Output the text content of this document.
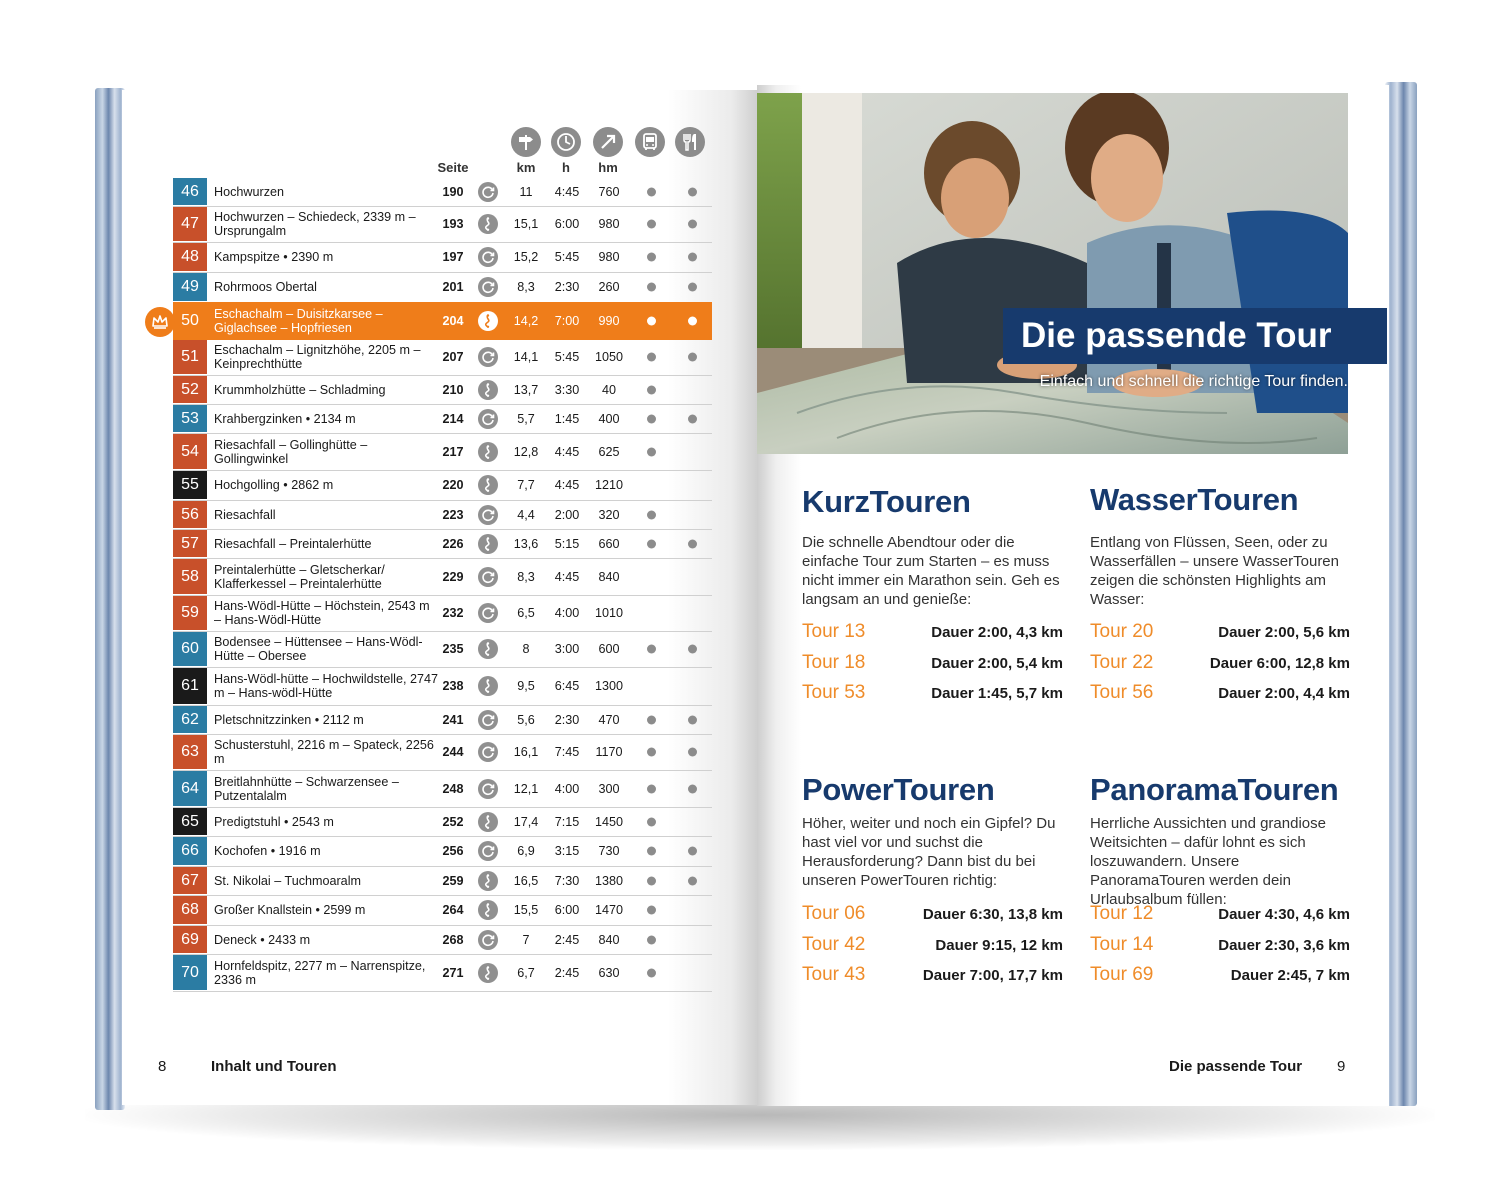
Seite	km	h	hm
46	Hochwurzen	190	11	4:45	760
47	Hochwurzen – Schiedeck, 2339 m – Ursprungalm	193	15,1	6:00	980
48	Kampspitze • 2390 m	197	15,2	5:45	980
49	Rohrmoos Obertal	201	8,3	2:30	260
50	Eschachalm – Duisitzkarsee – Giglachsee – Hopfriesen	204	14,2	7:00	990
51	Eschachalm – Lignitzhöhe, 2205 m – Keinprechthütte	207	14,1	5:45	1050
52	Krummholzhütte – Schladming	210	13,7	3:30	40
53	Krahbergzinken • 2134 m	214	5,7	1:45	400
54	Riesachfall – Gollinghütte – Gollingwinkel	217	12,8	4:45	625
55	Hochgolling • 2862 m	220	7,7	4:45	1210
56	Riesachfall	223	4,4	2:00	320
57	Riesachfall – Preintalerhütte	226	13,6	5:15	660
58	Preintalerhütte – Gletscherkar/ Klafferkessel – Preintalerhütte	229	8,3	4:45	840
59	Hans-Wödl-Hütte – Höchstein, 2543 m – Hans-Wödl-Hütte	232	6,5	4:00	1010
60	Bodensee – Hüttensee – Hans-Wödl-Hütte – Obersee	235	8	3:00	600
61	Hans-Wödl-hütte – Hochwildstelle, 2747 m – Hans-wödl-Hütte	238	9,5	6:45	1300
62	Pletschnitzzinken • 2112 m	241	5,6	2:30	470
63	Schusterstuhl, 2216 m – Spateck, 2256 m	244	16,1	7:45	1170
64	Breitlahnhütte – Schwarzensee – Putzentalalm	248	12,1	4:00	300
65	Predigtstuhl • 2543 m	252	17,4	7:15	1450
66	Kochofen • 1916 m	256	6,9	3:15	730
67	St. Nikolai – Tuchmoaralm	259	16,5	7:30	1380
68	Großer Knallstein • 2599 m	264	15,5	6:00	1470
69	Deneck • 2433 m	268	7	2:45	840
70	Hornfeldspitz, 2277 m – Narrenspitze, 2336 m	271	6,7	2:45	630
8	Inhalt und Touren	Die passende Tour 9
Die passende Tour
Einfach und schnell die richtige Tour finden.
KurzTouren
Die schnelle Abendtour oder die einfache Tour zum Starten – es muss nicht immer ein Marathon sein. Geh es langsam an und genieße:
Tour 13	Dauer 2:00, 4,3 km
Tour 18	Dauer 2:00, 5,4 km
Tour 53	Dauer 1:45, 5,7 km
WasserTouren
Entlang von Flüssen, Seen, oder zu Wasserfällen – unsere WasserTouren zeigen die schönsten Highlights am Wasser:
Tour 20	Dauer 2:00, 5,6 km
Tour 22	Dauer 6:00, 12,8 km
Tour 56	Dauer 2:00, 4,4 km
PowerTouren
Höher, weiter und noch ein Gipfel? Du hast viel vor und suchst die Herausforderung? Dann bist du bei unseren PowerTouren richtig:
Tour 06	Dauer 6:30, 13,8 km
Tour 42	Dauer 9:15, 12 km
Tour 43	Dauer 7:00, 17,7 km
PanoramaTouren
Herrliche Aussichten und grandiose Weitsichten – dafür lohnt es sich loszuwandern. Unsere PanoramaTouren werden dein Urlaubsalbum füllen:
Tour 12	Dauer 4:30, 4,6 km
Tour 14	Dauer 2:30, 3,6 km
Tour 69	Dauer 2:45, 7 km
